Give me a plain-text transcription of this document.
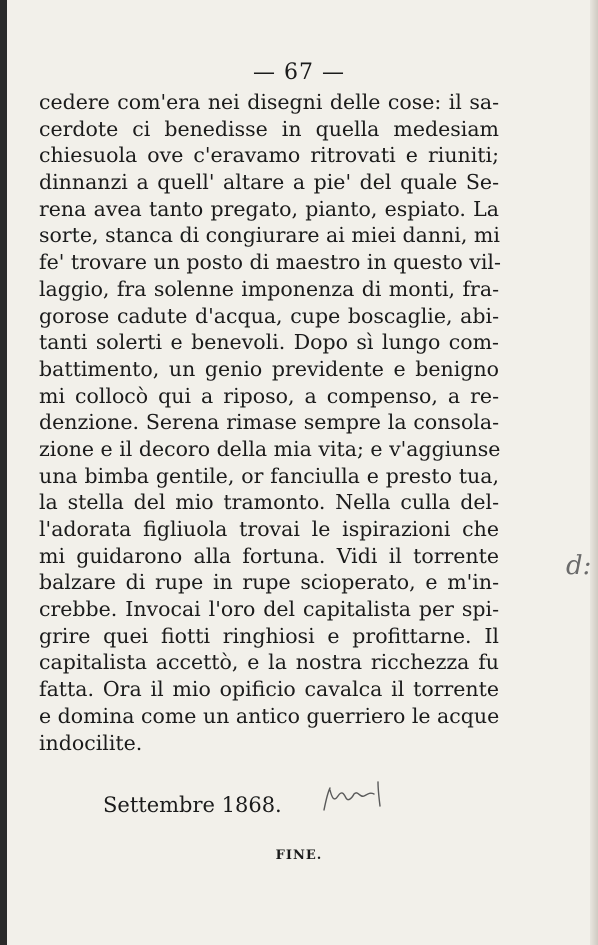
— 67 —
cedere com'era nei disegni delle cose: il sa-
cerdote ci benedisse in quella medesiam
chiesuola ove c'eravamo ritrovati e riuniti;
dinnanzi a quell' altare a pie' del quale Se-
rena avea tanto pregato, pianto, espiato. La
sorte, stanca di congiurare ai miei danni, mi
fe' trovare un posto di maestro in questo vil-
laggio, fra solenne imponenza di monti, fra-
gorose cadute d'acqua, cupe boscaglie, abi-
tanti solerti e benevoli. Dopo sì lungo com-
battimento, un genio previdente e benigno
mi collocò qui a riposo, a compenso, a re-
denzione. Serena rimase sempre la consola-
zione e il decoro della mia vita; e v'aggiunse
una bimba gentile, or fanciulla e presto tua,
la stella del mio tramonto. Nella culla del-
l'adorata figliuola trovai le ispirazioni che
mi guidarono alla fortuna. Vidi il torrente
balzare di rupe in rupe scioperato, e m'in-
crebbe. Invocai l'oro del capitalista per spi-
grire quei fiotti ringhiosi e profittarne. Il
capitalista accettò, e la nostra ricchezza fu
fatta. Ora il mio opificio cavalca il torrente
e domina come un antico guerriero le acque
indocilite.
Settembre 1868.
FINE.
d:
